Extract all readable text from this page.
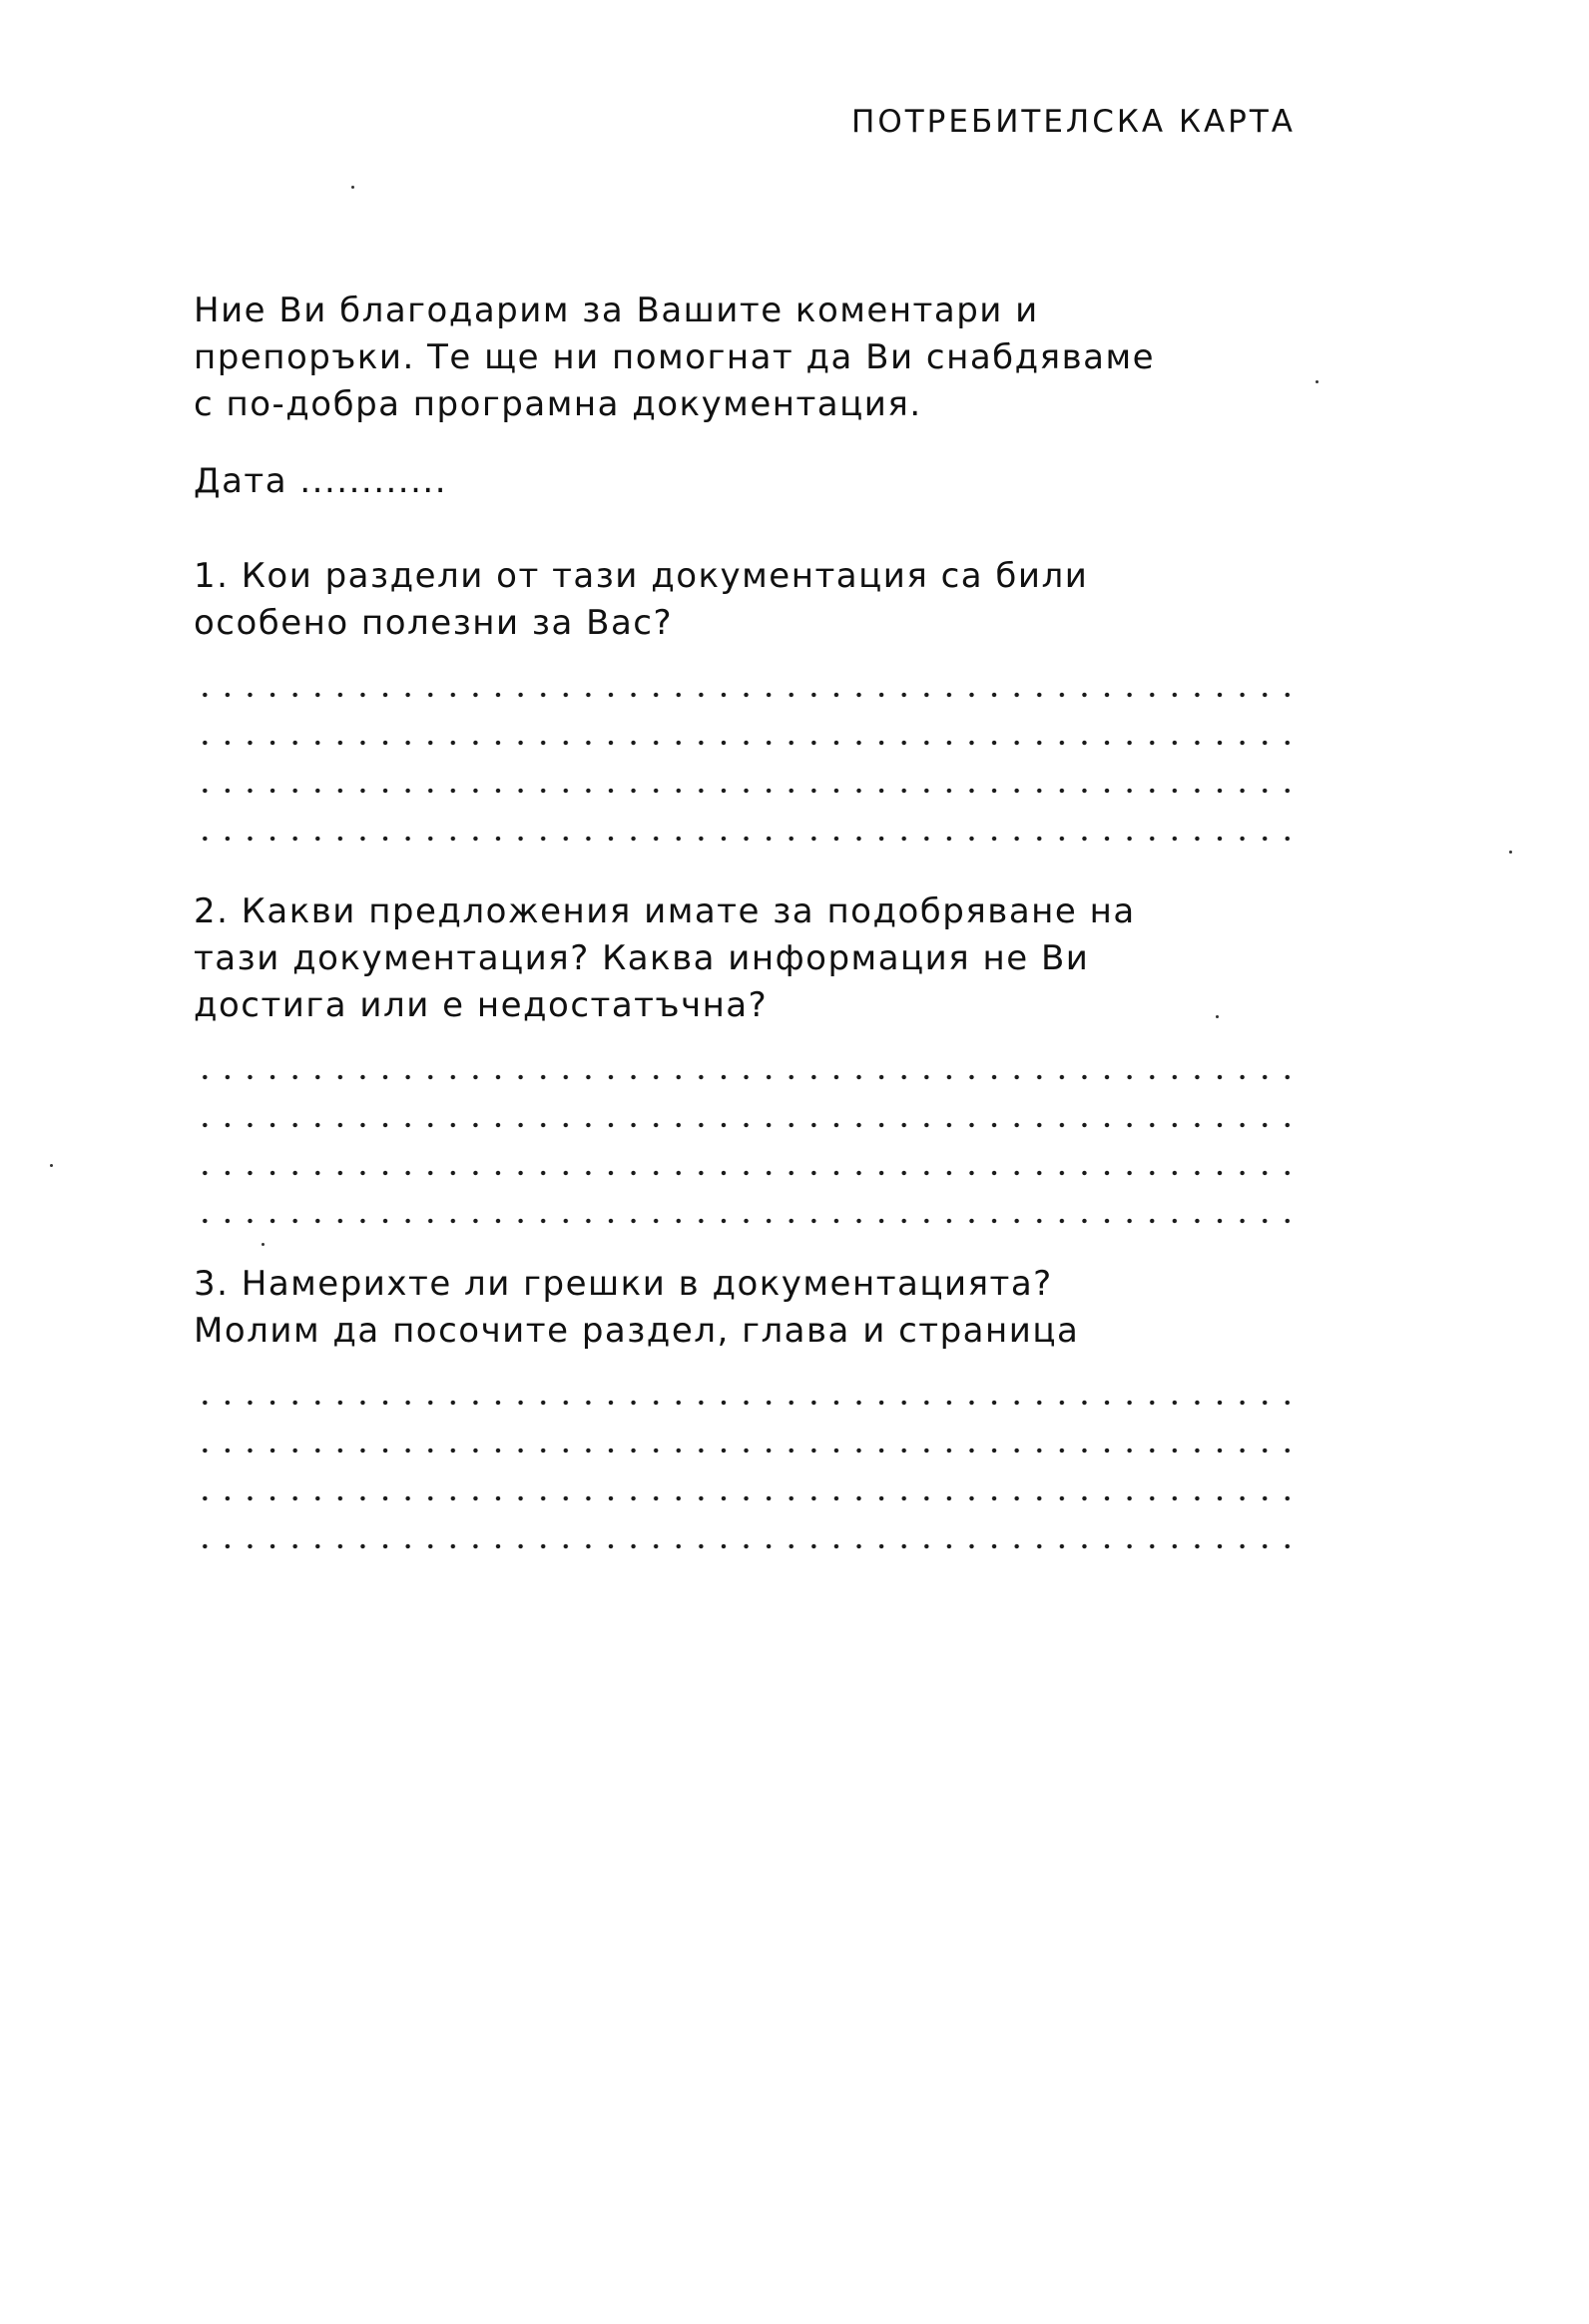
ПОТРЕБИТЕЛСКА КАРТА
Ние Ви благодарим за Вашите коментари и
препоръки. Те ще ни помогнат да Ви снабдяваме
с по-добра програмна документация.
Дата ............
1. Кои раздели от тази документация са били
особено полезни за Вас?
2. Какви предложения имате за подобряване на
тази документация? Каква информация не Ви
достига или е недостатъчна?
3. Намерихте ли грешки в документацията?
Молим да посочите раздел, глава и страница
